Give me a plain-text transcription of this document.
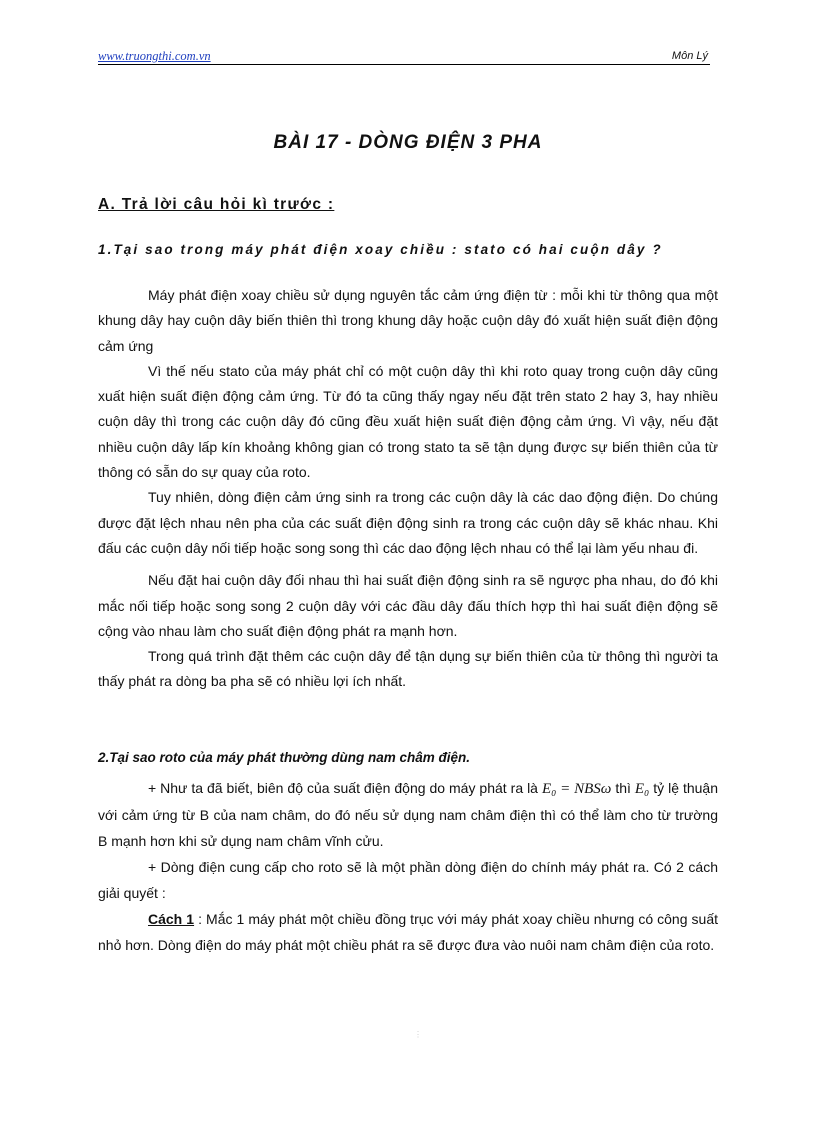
www.truongthi.com.vn	Môn Lý
BÀI 17 - DÒNG ĐIỆN 3 PHA
A. Trả lời câu hỏi kì trước :
1.Tại sao trong máy phát điện xoay chiều : stato có hai cuộn dây ?

Máy phát điện xoay chiều sử dụng nguyên tắc cảm ứng điện từ : mỗi khi từ thông qua một khung dây hay cuộn dây biến thiên thì trong khung dây hoặc cuộn dây đó xuất hiện suất điện động cảm ứng

Vì thế nếu stato của máy phát chỉ có một cuộn dây thì khi roto quay trong cuộn dây cũng xuất hiện suất điện động cảm ứng. Từ đó ta cũng thấy ngay nếu đặt trên stato 2 hay 3, hay nhiều cuộn dây thì trong các cuộn dây đó cũng đều xuất hiện suất điện động cảm ứng. Vì vậy, nếu đặt nhiều cuộn dây lấp kín khoảng không gian có trong stato ta sẽ tận dụng được sự biến thiên của từ thông có sẵn do sự quay của roto.

Tuy nhiên, dòng điện cảm ứng sinh ra trong các cuộn dây là các dao động điện. Do chúng được đặt lệch nhau nên pha của các suất điện động sinh ra trong các cuộn dây sẽ khác nhau. Khi đấu các cuộn dây nối tiếp hoặc song song thì các dao động lệch nhau có thể lại làm yếu nhau đi.

Nếu đặt hai cuộn dây đối nhau thì hai suất điện động sinh ra sẽ ngược pha nhau, do đó khi mắc nối tiếp hoặc song song 2 cuộn dây với các đầu dây đấu thích hợp thì hai suất điện động sẽ cộng vào nhau làm cho suất điện động phát ra mạnh hơn.

Trong quá trình đặt thêm các cuộn dây để tận dụng sự biến thiên của từ thông thì người ta thấy phát ra dòng ba pha sẽ có nhiều lợi ích nhất.

2.Tại sao roto của máy phát thường dùng nam châm điện.

+ Như ta đã biết, biên độ của suất điện động do máy phát ra là E₀ = NBSω thì E₀ tỷ lệ thuận với cảm ứng từ B của nam châm, do đó nếu sử dụng nam châm điện thì có thể làm cho từ trường B mạnh hơn khi sử dụng nam châm vĩnh cửu.

+ Dòng điện cung cấp cho roto sẽ là một phần dòng điện do chính máy phát ra. Có 2 cách giải quyết :

Cách 1 : Mắc 1 máy phát một chiều đồng trục với máy phát xoay chiều nhưng có công suất nhỏ hơn. Dòng điện do máy phát một chiều phát ra sẽ được đưa vào nuôi nam châm điện của roto.

⋮
